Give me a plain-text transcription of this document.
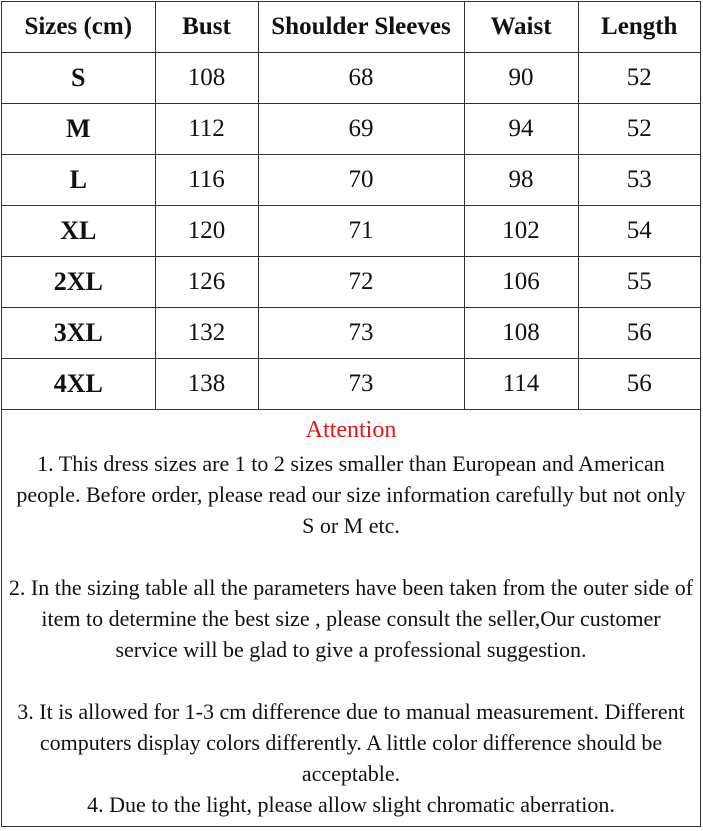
Sizes (cm)	Bust	Shoulder Sleeves	Waist	Length
S	108	68	90	52
M	112	69	94	52
L	116	70	98	53
XL	120	71	102	54
2XL	126	72	106	55
3XL	132	73	108	56
4XL	138	73	114	56
Attention

1. This dress sizes are 1 to 2 sizes smaller than European and American people. Before order, please read our size information carefully but not only S or M etc.

2. In the sizing table all the parameters have been taken from the outer side of item to determine the best size , please consult the seller,Our customer service will be glad to give a professional suggestion.

3. It is allowed for 1-3 cm difference due to manual measurement. Different computers display colors differently. A little color difference should be acceptable.

4. Due to the light, please allow slight chromatic aberration.
